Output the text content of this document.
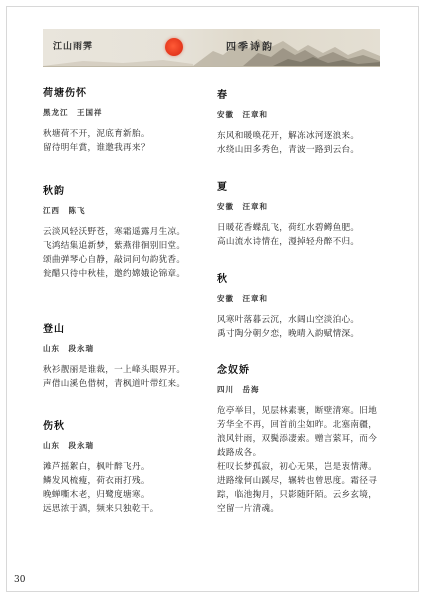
江山雨霁	四季诗韵
荷塘伤怀
黑龙江　王国祥
秋塘荷不开，泥底育新胎。
留待明年賞，谁邀我再来？
秋韵
江西　陈飞
云淡风轻沃野苍，寒霜遥露月生凉。
飞鸿结集追新梦，紫燕徘徊别旧堂。
颂曲弹琴心自静，敲词问句韵犹香。
瓮醋只待中秋桂，邀约嫦娥论锦章。
登山
山东　段永瑞
秋衫靓丽是谁裁，一上峰头眼界开。
声借山溪色借树，青枫道叶带红来。
伤秋
山东　段永瑞
滩芦摇絮白，枫叶醉飞丹。
鳞发风梳瘦，荷衣雨打残。
晚蝉嘶木老，归鹭度塘寒。
远思浓于酒，频来只独乾干。
春
安徽　汪章和
东风和暖唤花开，解冻冰河逐浪来。
水绕山田多秀色，青波一路到云台。
夏
安徽　汪章和
日暖花香蝶乱飞，荷红水碧鳟鱼肥。
高山流水诗情在，漫掉轻舟醉不归。
秋
安徽　汪章和
风寒叶落暮云沉，水阔山空淡泊心。
禹寸陶分朝夕恋，晚晴入韵赋情深。
念奴娇
四川　岳海
危亭举目，见层林素裹，断壁清寒。旧地
芳华全不再，回首前尘如昨。北塞南疆，
浪风针雨，双鬓添凄索。赠言萦耳，而今
歧路成各。
枉叹长梦孤寂，初心无果，岂是衷情薄。
进路缘何山蹊尽，辗转也曾思度。霜径寻
踪，临池掬月，只影随阡陌。云乡玄境，
空留一片清魂。
30
